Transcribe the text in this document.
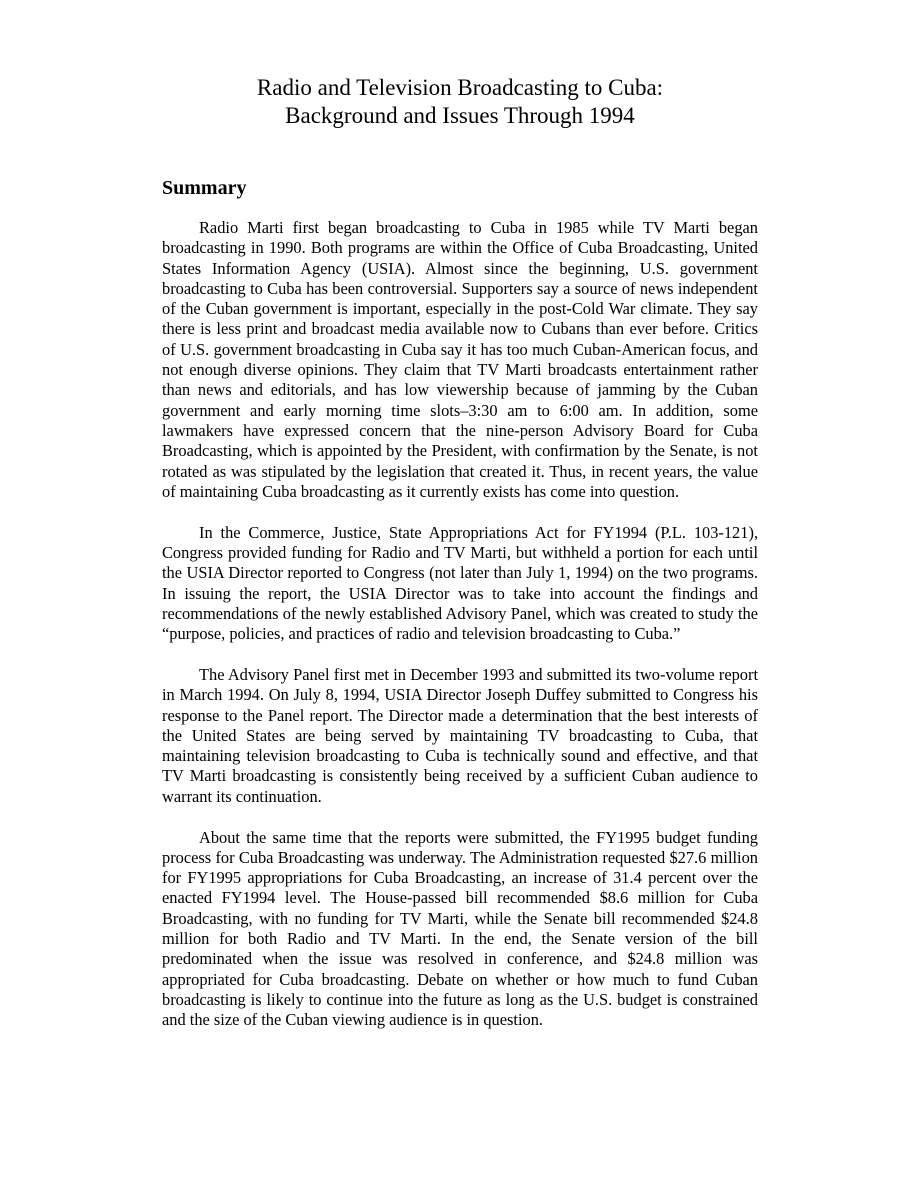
Radio and Television Broadcasting to Cuba:
Background and Issues Through 1994
Summary

Radio Marti first began broadcasting to Cuba in 1985 while TV Marti began broadcasting in 1990. Both programs are within the Office of Cuba Broadcasting, United States Information Agency (USIA). Almost since the beginning, U.S. government broadcasting to Cuba has been controversial. Supporters say a source of news independent of the Cuban government is important, especially in the post-Cold War climate. They say there is less print and broadcast media available now to Cubans than ever before. Critics of U.S. government broadcasting in Cuba say it has too much Cuban-American focus, and not enough diverse opinions. They claim that TV Marti broadcasts entertainment rather than news and editorials, and has low viewership because of jamming by the Cuban government and early morning time slots–3:30 am to 6:00 am. In addition, some lawmakers have expressed concern that the nine-person Advisory Board for Cuba Broadcasting, which is appointed by the President, with confirmation by the Senate, is not rotated as was stipulated by the legislation that created it. Thus, in recent years, the value of maintaining Cuba broadcasting as it currently exists has come into question.

In the Commerce, Justice, State Appropriations Act for FY1994 (P.L. 103-121), Congress provided funding for Radio and TV Marti, but withheld a portion for each until the USIA Director reported to Congress (not later than July 1, 1994) on the two programs. In issuing the report, the USIA Director was to take into account the findings and recommendations of the newly established Advisory Panel, which was created to study the “purpose, policies, and practices of radio and television broadcasting to Cuba.”

The Advisory Panel first met in December 1993 and submitted its two-volume report in March 1994. On July 8, 1994, USIA Director Joseph Duffey submitted to Congress his response to the Panel report. The Director made a determination that the best interests of the United States are being served by maintaining TV broadcasting to Cuba, that maintaining television broadcasting to Cuba is technically sound and effective, and that TV Marti broadcasting is consistently being received by a sufficient Cuban audience to warrant its continuation.

About the same time that the reports were submitted, the FY1995 budget funding process for Cuba Broadcasting was underway. The Administration requested $27.6 million for FY1995 appropriations for Cuba Broadcasting, an increase of 31.4 percent over the enacted FY1994 level. The House-passed bill recommended $8.6 million for Cuba Broadcasting, with no funding for TV Marti, while the Senate bill recommended $24.8 million for both Radio and TV Marti. In the end, the Senate version of the bill predominated when the issue was resolved in conference, and $24.8 million was appropriated for Cuba broadcasting. Debate on whether or how much to fund Cuban broadcasting is likely to continue into the future as long as the U.S. budget is constrained and the size of the Cuban viewing audience is in question.
